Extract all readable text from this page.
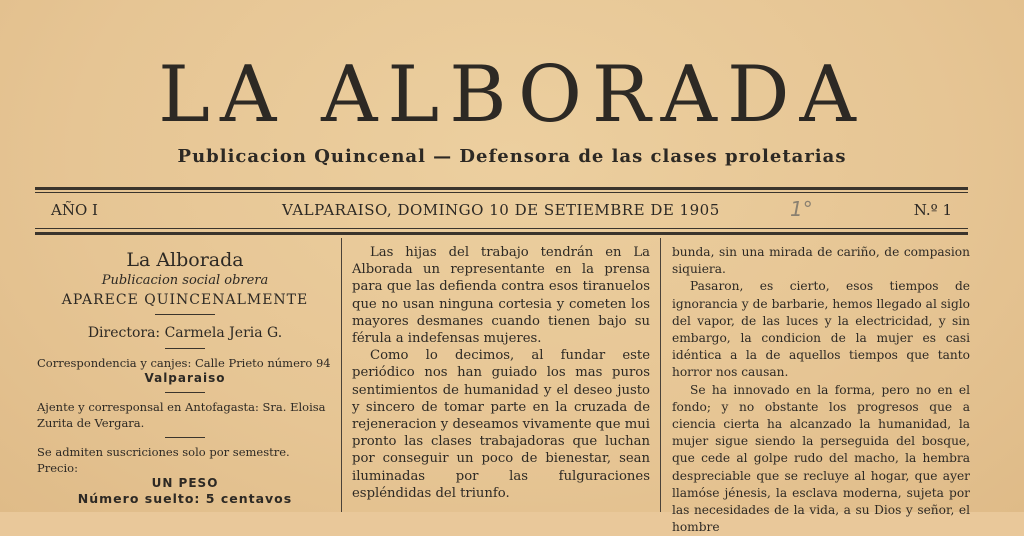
LA ALBORADA
Publicacion Quincenal — Defensora de las clases proletarias
AÑO I	VALPARAISO, DOMINGO 10 DE SETIEMBRE DE 1905	1°	N.º 1
La Alborada
Publicacion social obrera
APARECE QUINCENALMENTE
Directora: Carmela Jeria G.
Correspondencia y canjes: Calle Prieto número 94
Valparaiso
Ajente y corresponsal en Antofagasta: Sra. Eloisa Zurita de Vergara.
Se admiten suscriciones solo por semestre. Precio:
UN PESO
Número suelto: 5 centavos

Las hijas del trabajo tendrán en La Alborada un representante en la prensa para que las defienda contra esos tiranuelos que no usan ninguna cortesia y cometen los mayores desmanes cuando tienen bajo su férula a indefensas mujeres.

Como lo decimos, al fundar este periódico nos han guiado los mas puros sentimientos de humanidad y el deseo justo y sincero de tomar parte en la cruzada de rejeneracion y deseamos vivamente que mui pronto las clases trabajadoras que luchan por conseguir un poco de bienestar, sean iluminadas por las fulguraciones espléndidas del triunfo.

bunda, sin una mirada de cariño, de compasion siquiera.

Pasaron, es cierto, esos tiempos de ignorancia y de barbarie, hemos llegado al siglo del vapor, de las luces y la electricidad, y sin embargo, la condicion de la mujer es casi idéntica a la de aquellos tiempos que tanto horror nos causan.

Se ha innovado en la forma, pero no en el fondo; y no obstante los progresos que a ciencia cierta ha alcanzado la humanidad, la mujer sigue siendo la perseguida del bosque, que cede al golpe rudo del macho, la hembra despreciable que se recluye al hogar, que ayer llamóse jénesis, la esclava moderna, sujeta por las necesidades de la vida, a su Dios y señor, el hombre
